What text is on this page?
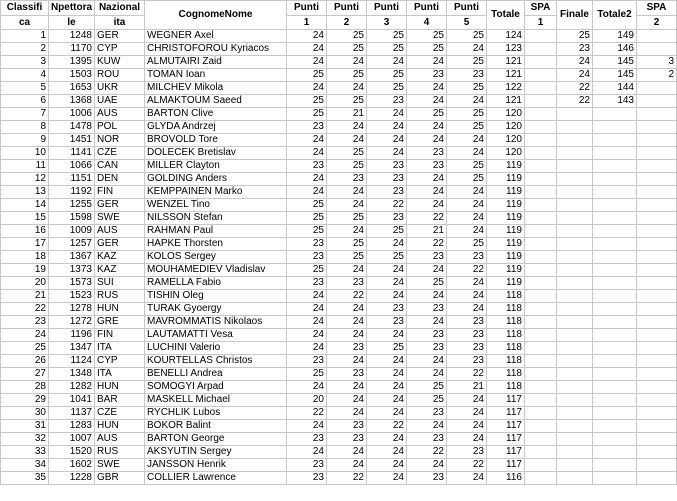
Classifi	Npettora	Nazional	CognomeNome	Punti	Punti	Punti	Punti	Punti	Totale	SPA	Finale	Totale2	SPA
ca	le	ita		1	2	3	4	5		1			2
1	1248	GER	WEGNER Axel	24	25	25	25	25	124		25	149	
2	1170	CYP	CHRISTOFOROU Kyriacos	24	25	25	25	24	123		23	146	
3	1395	KUW	ALMUTAIRI Zaid	24	24	24	24	25	121		24	145	3
4	1503	ROU	TOMAN Ioan	25	25	25	23	23	121		24	145	2
5	1653	UKR	MILCHEV Mikola	24	24	25	24	25	122		22	144	
6	1368	UAE	ALMAKTOUM Saeed	25	25	23	24	24	121		22	143	
7	1006	AUS	BARTON Clive	25	21	24	25	25	120				
8	1478	POL	GLYDA Andrzej	23	24	24	24	25	120				
9	1451	NOR	BROVOLD Tore	24	24	24	24	24	120				
10	1141	CZE	DOLECEK Bretislav	24	25	24	23	24	120				
11	1066	CAN	MILLER Clayton	23	25	23	23	25	119				
12	1151	DEN	GOLDING Anders	24	23	23	24	25	119				
13	1192	FIN	KEMPPAINEN Marko	24	24	23	24	24	119				
14	1255	GER	WENZEL Tino	25	24	22	24	24	119				
15	1598	SWE	NILSSON Stefan	25	25	23	22	24	119				
16	1009	AUS	RAHMAN Paul	25	24	25	21	24	119				
17	1257	GER	HAPKE Thorsten	23	25	24	22	25	119				
18	1367	KAZ	KOLOS Sergey	23	25	25	23	23	119				
19	1373	KAZ	MOUHAMEDIEV Vladislav	25	24	24	24	22	119				
20	1573	SUI	RAMELLA Fabio	23	23	24	25	24	119				
21	1523	RUS	TISHIN Oleg	24	22	24	24	24	118				
22	1278	HUN	TURAK Gyoergy	24	24	23	23	24	118				
23	1272	GRE	MAVROMMATIS Nikolaos	24	24	23	24	23	118				
24	1196	FIN	LAUTAMATTI Vesa	24	24	24	23	23	118				
25	1347	ITA	LUCHINI Valerio	24	23	25	23	23	118				
26	1124	CYP	KOURTELLAS Christos	23	24	24	24	23	118				
27	1348	ITA	BENELLI Andrea	25	23	24	24	22	118				
28	1282	HUN	SOMOGYI Arpad	24	24	24	25	21	118				
29	1041	BAR	MASKELL Michael	20	24	24	25	24	117				
30	1137	CZE	RYCHLIK Lubos	22	24	24	23	24	117				
31	1283	HUN	BOKOR Balint	24	23	22	24	24	117				
32	1007	AUS	BARTON George	23	23	24	23	24	117				
33	1520	RUS	AKSYUTIN Sergey	24	24	24	22	23	117				
34	1602	SWE	JANSSON Henrik	23	24	24	24	22	117				
35	1228	GBR	COLLIER Lawrence	23	22	24	23	24	116				
